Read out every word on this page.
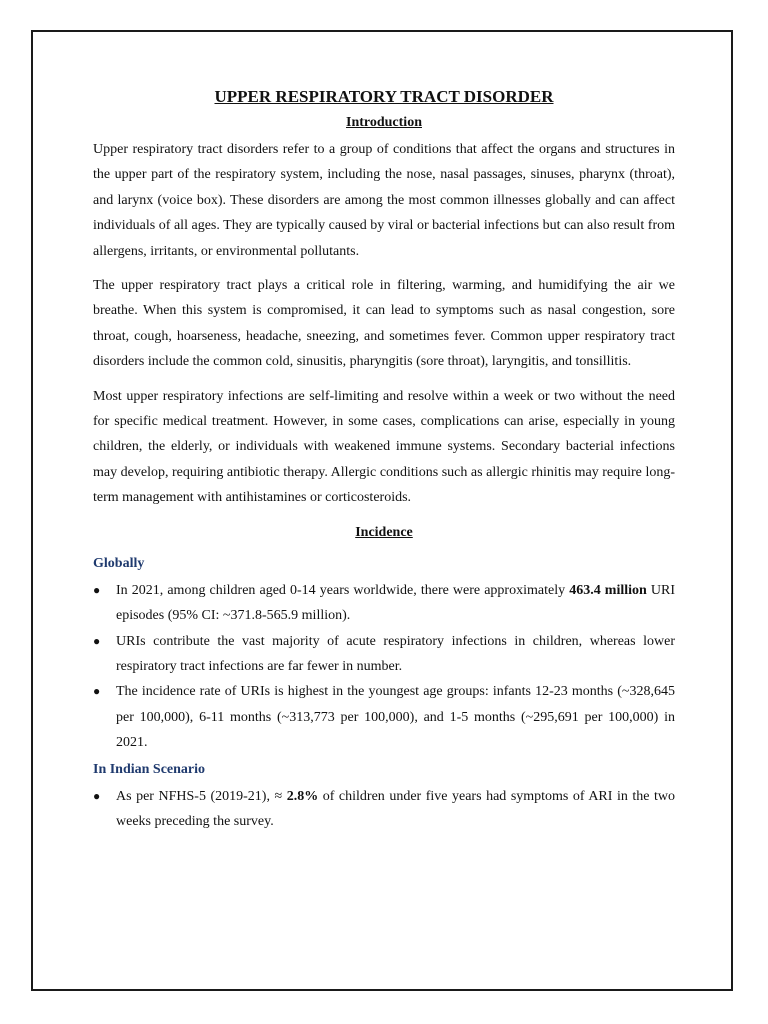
UPPER RESPIRATORY TRACT DISORDER
Introduction

Upper respiratory tract disorders refer to a group of conditions that affect the organs and structures in the upper part of the respiratory system, including the nose, nasal passages, sinuses, pharynx (throat), and larynx (voice box). These disorders are among the most common illnesses globally and can affect individuals of all ages. They are typically caused by viral or bacterial infections but can also result from allergens, irritants, or environmental pollutants.

The upper respiratory tract plays a critical role in filtering, warming, and humidifying the air we breathe. When this system is compromised, it can lead to symptoms such as nasal congestion, sore throat, cough, hoarseness, headache, sneezing, and sometimes fever. Common upper respiratory tract disorders include the common cold, sinusitis, pharyngitis (sore throat), laryngitis, and tonsillitis.

Most upper respiratory infections are self-limiting and resolve within a week or two without the need for specific medical treatment. However, in some cases, complications can arise, especially in young children, the elderly, or individuals with weakened immune systems. Secondary bacterial infections may develop, requiring antibiotic therapy. Allergic conditions such as allergic rhinitis may require long-term management with antihistamines or corticosteroids.

Incidence
Globally
● In 2021, among children aged 0-14 years worldwide, there were approximately 463.4 million URI episodes (95% CI: ~371.8-565.9 million).
● URIs contribute the vast majority of acute respiratory infections in children, whereas lower respiratory tract infections are far fewer in number.
● The incidence rate of URIs is highest in the youngest age groups: infants 12-23 months (~328,645 per 100,000), 6-11 months (~313,773 per 100,000), and 1-5 months (~295,691 per 100,000) in 2021.
In Indian Scenario
● As per NFHS-5 (2019-21), ≈ 2.8% of children under five years had symptoms of ARI in the two weeks preceding the survey.
